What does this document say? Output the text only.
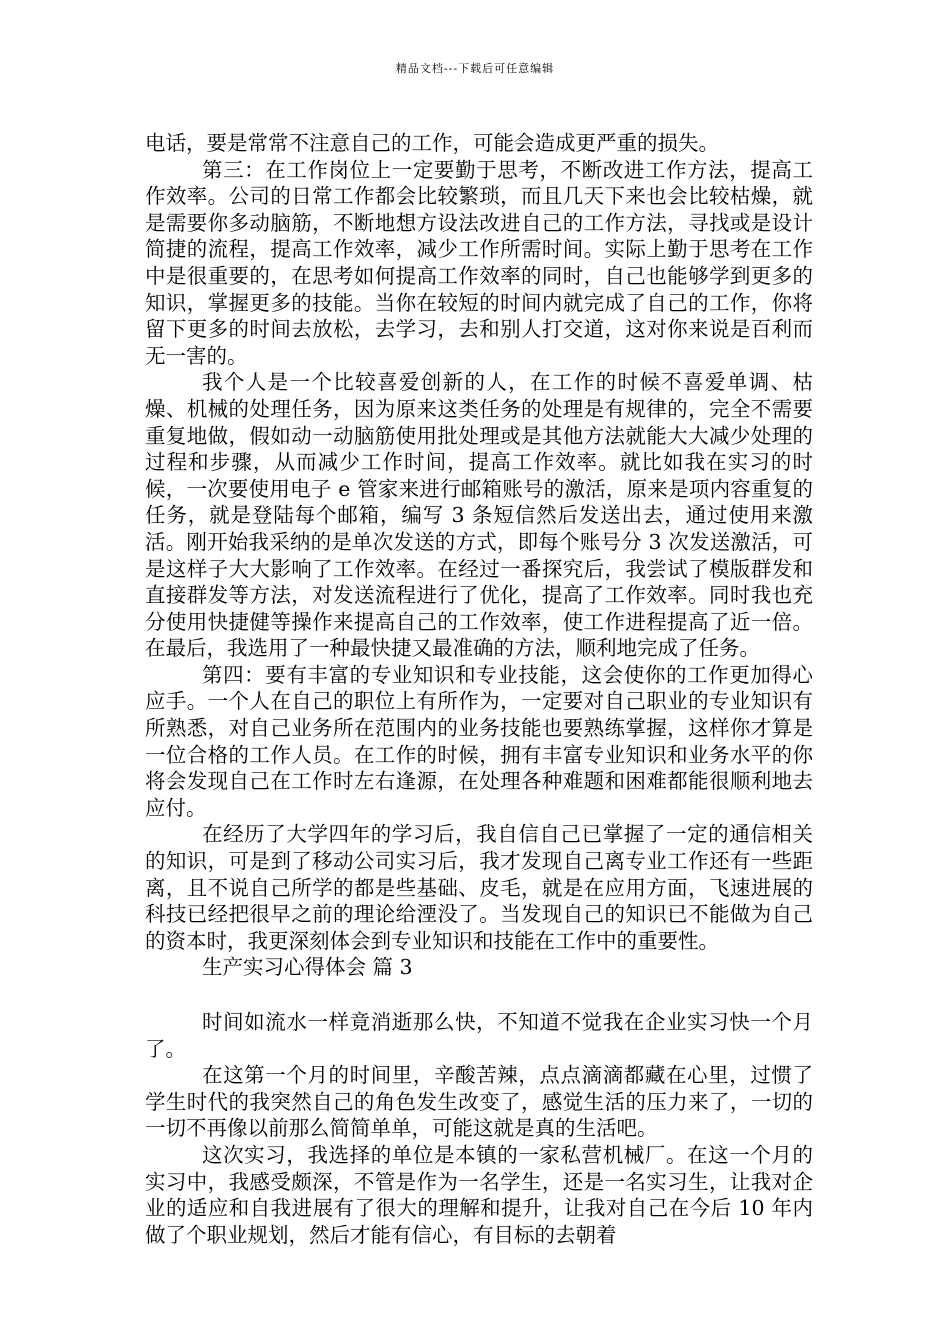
精品文档---下载后可任意编辑

电话，要是常常不注意自己的工作，可能会造成更严重的损失。

第三：在工作岗位上一定要勤于思考，不断改进工作方法，提高工作效率。公司的日常工作都会比较繁琐，而且几天下来也会比较枯燥，就是需要你多动脑筋，不断地想方设法改进自己的工作方法，寻找或是设计简捷的流程，提高工作效率，减少工作所需时间。实际上勤于思考在工作中是很重要的，在思考如何提高工作效率的同时，自己也能够学到更多的知识，掌握更多的技能。当你在较短的时间内就完成了自己的工作，你将留下更多的时间去放松，去学习，去和别人打交道，这对你来说是百利而无一害的。

我个人是一个比较喜爱创新的人，在工作的时候不喜爱单调、枯燥、机械的处理任务，因为原来这类任务的处理是有规律的，完全不需要重复地做，假如动一动脑筋使用批处理或是其他方法就能大大减少处理的过程和步骤，从而减少工作时间，提高工作效率。就比如我在实习的时候，一次要使用电子 e 管家来进行邮箱账号的激活，原来是项内容重复的任务，就是登陆每个邮箱，编写 3 条短信然后发送出去，通过使用来激活。刚开始我采纳的是单次发送的方式，即每个账号分 3 次发送激活，可是这样子大大影响了工作效率。在经过一番探究后，我尝试了模版群发和直接群发等方法，对发送流程进行了优化，提高了工作效率。同时我也充分使用快捷健等操作来提高自己的工作效率，使工作进程提高了近一倍。在最后，我选用了一种最快捷又最准确的方法，顺利地完成了任务。

第四：要有丰富的专业知识和专业技能，这会使你的工作更加得心应手。一个人在自己的职位上有所作为，一定要对自己职业的专业知识有所熟悉，对自己业务所在范围内的业务技能也要熟练掌握，这样你才算是一位合格的工作人员。在工作的时候，拥有丰富专业知识和业务水平的你将会发现自己在工作时左右逢源，在处理各种难题和困难都能很顺利地去应付。

在经历了大学四年的学习后，我自信自己已掌握了一定的通信相关的知识，可是到了移动公司实习后，我才发现自己离专业工作还有一些距离，且不说自己所学的都是些基础、皮毛，就是在应用方面，飞速进展的科技已经把很早之前的理论给湮没了。当发现自己的知识已不能做为自己的资本时，我更深刻体会到专业知识和技能在工作中的重要性。

生产实习心得体会 篇 3

时间如流水一样竟消逝那么快，不知道不觉我在企业实习快一个月了。

在这第一个月的时间里，辛酸苦辣，点点滴滴都藏在心里，过惯了学生时代的我突然自己的角色发生改变了，感觉生活的压力来了，一切的一切不再像以前那么简简单单，可能这就是真的生活吧。

这次实习，我选择的单位是本镇的一家私营机械厂。在这一个月的实习中，我感受颇深，不管是作为一名学生，还是一名实习生，让我对企业的适应和自我进展有了很大的理解和提升，让我对自己在今后 10 年内做了个职业规划，然后才能有信心，有目标的去朝着
